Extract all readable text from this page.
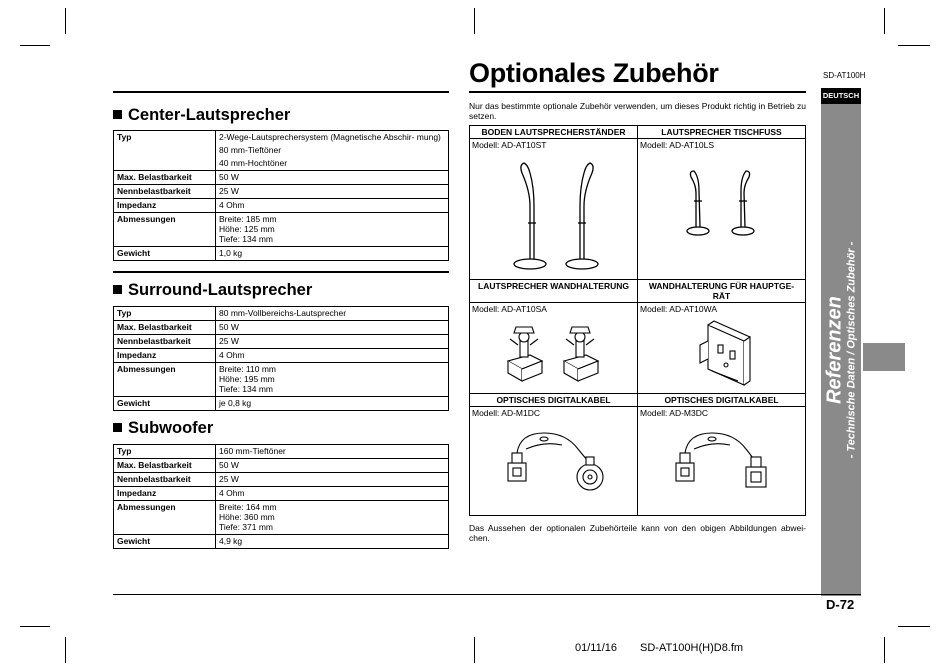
Optionales Zubehör	SD-AT100H
DEUTSCH
Referenzen - Technische Daten / Optisches Zubehör -
Center-Lautsprecher
Typ	2-Wege-Lautsprechersystem (Magnetische Abschir- mung)

80 mm-Tieftöner

40 mm-Hochtöner

Max. Belastbarkeit	50 W
Nennbelastbarkeit	25 W
Impedanz	4 Ohm
Abmessungen	Breite: 185 mm
Höhe: 125 mm
Tiefe: 134 mm

Gewicht	1,0 kg
Surround-Lautsprecher
Typ	80 mm-Vollbereichs-Lautsprecher
Max. Belastbarkeit	50 W
Nennbelastbarkeit	25 W
Impedanz	4 Ohm
Abmessungen	Breite: 110 mm
Höhe: 195 mm
Tiefe: 134 mm

Gewicht	je 0,8 kg
Subwoofer
Typ	160 mm-Tieftöner
Max. Belastbarkeit	50 W
Nennbelastbarkeit	25 W
Impedanz	4 Ohm
Abmessungen	Breite: 164 mm
Höhe: 360 mm
Tiefe: 371 mm

Gewicht	4,9 kg
Nur das bestimmte optionale Zubehör verwenden, um dieses Produkt richtig in Betrieb zu setzen.
BODEN LAUTSPRECHERSTÄNDER	LAUTSPRECHER TISCHFUSS

Modell: AD-AT10ST	Modell: AD-AT10LS

LAUTSPRECHER WANDHALTERUNG	WANDHALTERUNG FÜR HAUPTGE- RÄT

Modell: AD-AT10SA	Modell: AD-AT10WA

OPTISCHES DIGITALKABEL	OPTISCHES DIGITALKABEL

Modell: AD-M1DC	Modell: AD-M3DC
Das Aussehen der optionalen Zubehörteile kann von den obigen Abbildungen abwei- chen.
D-72
01/11/16 SD-AT100H(H)D8.fm
